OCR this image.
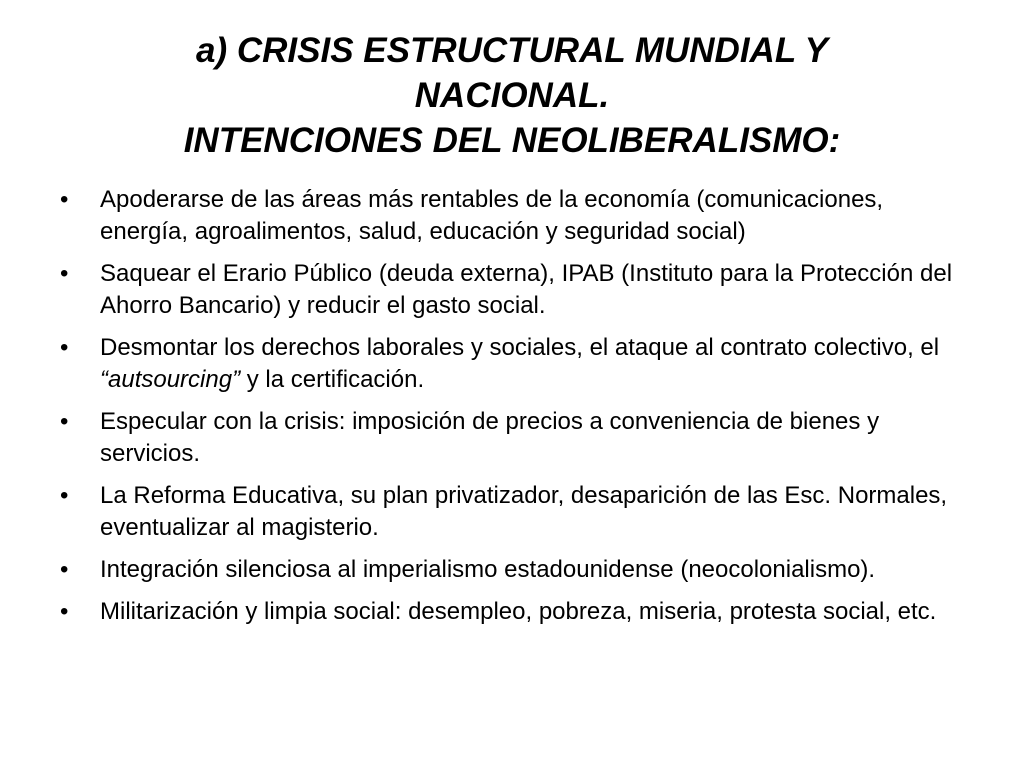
a) CRISIS ESTRUCTURAL MUNDIAL Y
NACIONAL.
INTENCIONES DEL NEOLIBERALISMO:
•	Apoderarse de las áreas más rentables de la economía (comunicaciones, energía, agroalimentos, salud, educación y seguridad social)
•	Saquear el Erario Público (deuda externa), IPAB (Instituto para la Protección del Ahorro Bancario) y reducir el gasto social.
•	Desmontar los derechos laborales y sociales, el ataque al contrato colectivo, el “autsourcing” y la certificación.
•	Especular con la crisis: imposición de precios a conveniencia de bienes y servicios.
•	La Reforma Educativa, su plan privatizador, desaparición de las Esc. Normales, eventualizar al magisterio.
•	Integración silenciosa al imperialismo estadounidense (neocolonialismo).
•	Militarización y limpia social: desempleo, pobreza, miseria, protesta social, etc.
